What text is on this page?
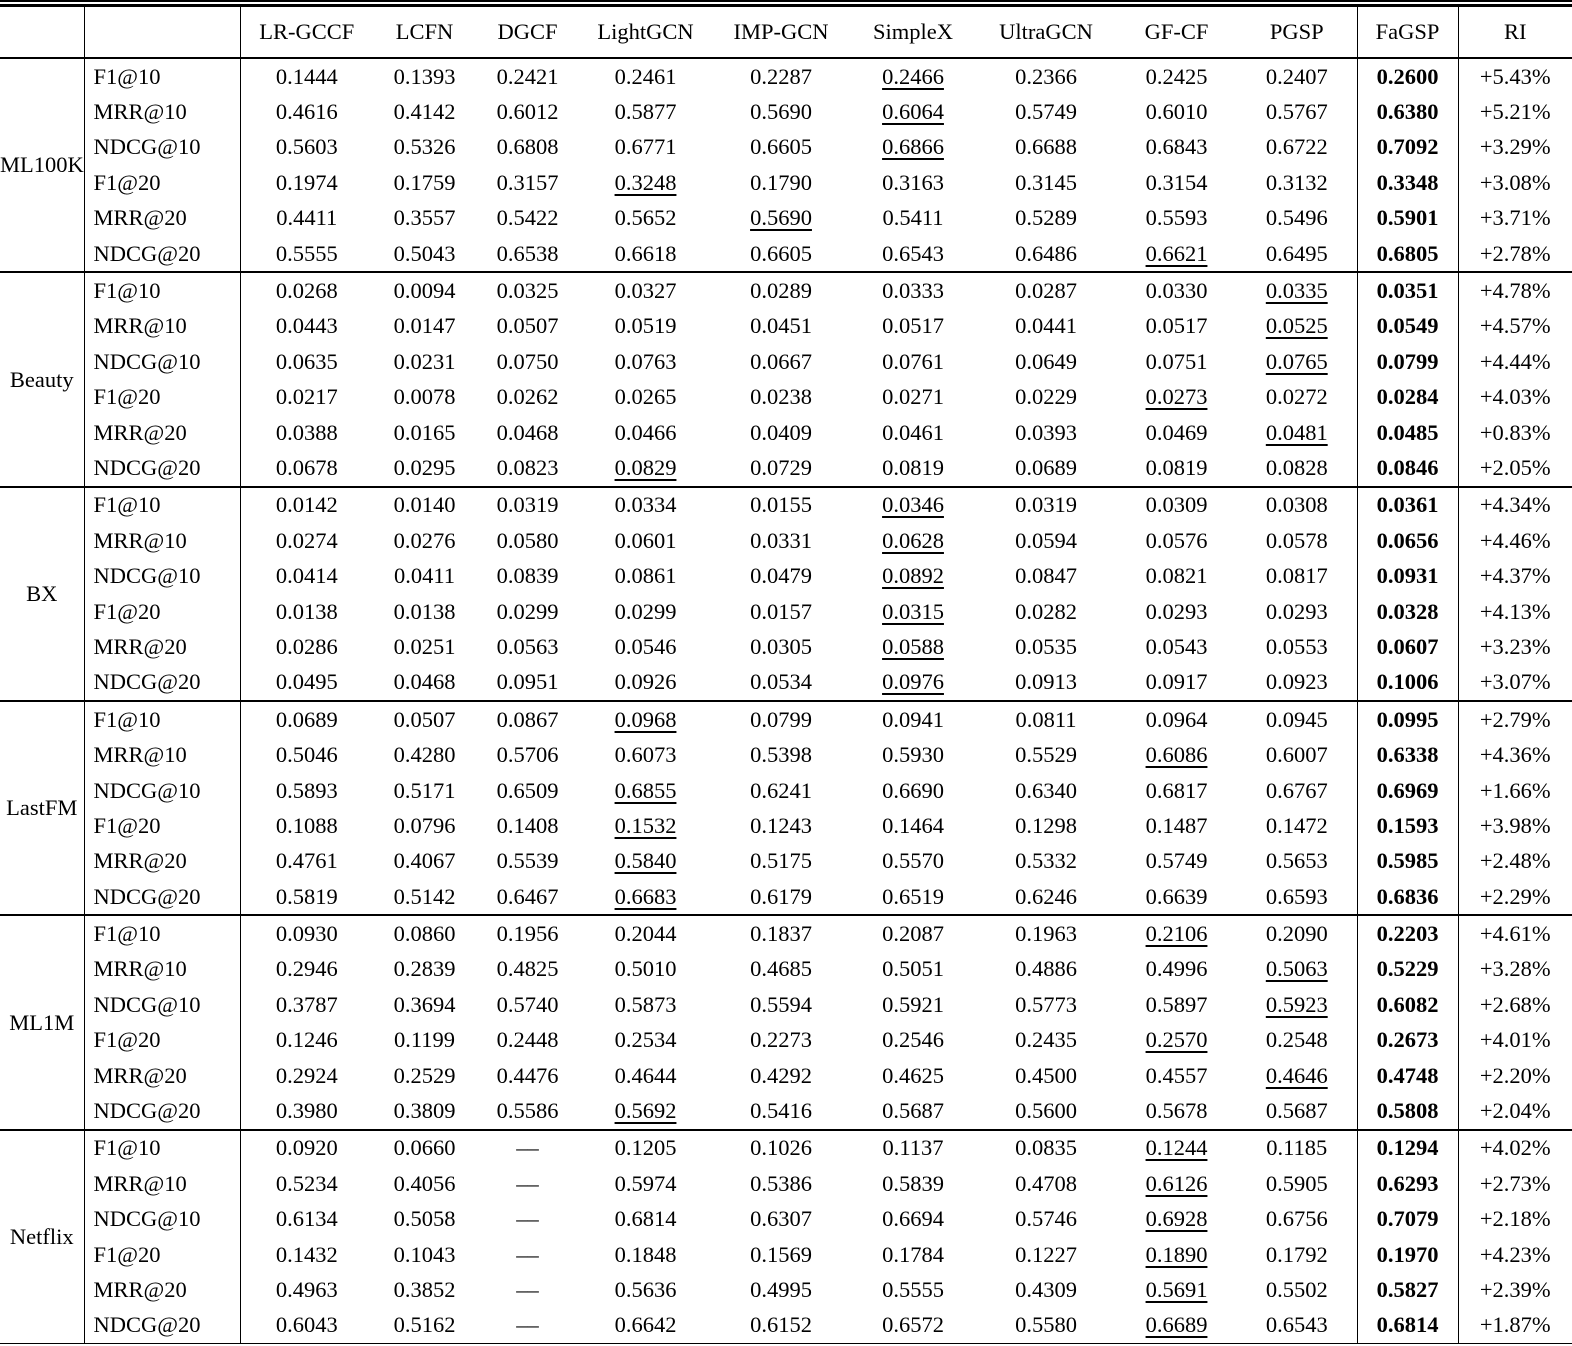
		LR-GCCF	LCFN	DGCF	LightGCN	IMP-GCN	SimpleX	UltraGCN	GF-CF	PGSP	FaGSP	RI
ML100K	F1@10	0.1444	0.1393	0.2421	0.2461	0.2287	0.2466	0.2366	0.2425	0.2407	0.2600	+5.43%
	MRR@10	0.4616	0.4142	0.6012	0.5877	0.5690	0.6064	0.5749	0.6010	0.5767	0.6380	+5.21%
	NDCG@10	0.5603	0.5326	0.6808	0.6771	0.6605	0.6866	0.6688	0.6843	0.6722	0.7092	+3.29%
	F1@20	0.1974	0.1759	0.3157	0.3248	0.1790	0.3163	0.3145	0.3154	0.3132	0.3348	+3.08%
	MRR@20	0.4411	0.3557	0.5422	0.5652	0.5690	0.5411	0.5289	0.5593	0.5496	0.5901	+3.71%
	NDCG@20	0.5555	0.5043	0.6538	0.6618	0.6605	0.6543	0.6486	0.6621	0.6495	0.6805	+2.78%
Beauty	F1@10	0.0268	0.0094	0.0325	0.0327	0.0289	0.0333	0.0287	0.0330	0.0335	0.0351	+4.78%
	MRR@10	0.0443	0.0147	0.0507	0.0519	0.0451	0.0517	0.0441	0.0517	0.0525	0.0549	+4.57%
	NDCG@10	0.0635	0.0231	0.0750	0.0763	0.0667	0.0761	0.0649	0.0751	0.0765	0.0799	+4.44%
	F1@20	0.0217	0.0078	0.0262	0.0265	0.0238	0.0271	0.0229	0.0273	0.0272	0.0284	+4.03%
	MRR@20	0.0388	0.0165	0.0468	0.0466	0.0409	0.0461	0.0393	0.0469	0.0481	0.0485	+0.83%
	NDCG@20	0.0678	0.0295	0.0823	0.0829	0.0729	0.0819	0.0689	0.0819	0.0828	0.0846	+2.05%
BX	F1@10	0.0142	0.0140	0.0319	0.0334	0.0155	0.0346	0.0319	0.0309	0.0308	0.0361	+4.34%
	MRR@10	0.0274	0.0276	0.0580	0.0601	0.0331	0.0628	0.0594	0.0576	0.0578	0.0656	+4.46%
	NDCG@10	0.0414	0.0411	0.0839	0.0861	0.0479	0.0892	0.0847	0.0821	0.0817	0.0931	+4.37%
	F1@20	0.0138	0.0138	0.0299	0.0299	0.0157	0.0315	0.0282	0.0293	0.0293	0.0328	+4.13%
	MRR@20	0.0286	0.0251	0.0563	0.0546	0.0305	0.0588	0.0535	0.0543	0.0553	0.0607	+3.23%
	NDCG@20	0.0495	0.0468	0.0951	0.0926	0.0534	0.0976	0.0913	0.0917	0.0923	0.1006	+3.07%
LastFM	F1@10	0.0689	0.0507	0.0867	0.0968	0.0799	0.0941	0.0811	0.0964	0.0945	0.0995	+2.79%
	MRR@10	0.5046	0.4280	0.5706	0.6073	0.5398	0.5930	0.5529	0.6086	0.6007	0.6338	+4.36%
	NDCG@10	0.5893	0.5171	0.6509	0.6855	0.6241	0.6690	0.6340	0.6817	0.6767	0.6969	+1.66%
	F1@20	0.1088	0.0796	0.1408	0.1532	0.1243	0.1464	0.1298	0.1487	0.1472	0.1593	+3.98%
	MRR@20	0.4761	0.4067	0.5539	0.5840	0.5175	0.5570	0.5332	0.5749	0.5653	0.5985	+2.48%
	NDCG@20	0.5819	0.5142	0.6467	0.6683	0.6179	0.6519	0.6246	0.6639	0.6593	0.6836	+2.29%
ML1M	F1@10	0.0930	0.0860	0.1956	0.2044	0.1837	0.2087	0.1963	0.2106	0.2090	0.2203	+4.61%
	MRR@10	0.2946	0.2839	0.4825	0.5010	0.4685	0.5051	0.4886	0.4996	0.5063	0.5229	+3.28%
	NDCG@10	0.3787	0.3694	0.5740	0.5873	0.5594	0.5921	0.5773	0.5897	0.5923	0.6082	+2.68%
	F1@20	0.1246	0.1199	0.2448	0.2534	0.2273	0.2546	0.2435	0.2570	0.2548	0.2673	+4.01%
	MRR@20	0.2924	0.2529	0.4476	0.4644	0.4292	0.4625	0.4500	0.4557	0.4646	0.4748	+2.20%
	NDCG@20	0.3980	0.3809	0.5586	0.5692	0.5416	0.5687	0.5600	0.5678	0.5687	0.5808	+2.04%
Netflix	F1@10	0.0920	0.0660	––	0.1205	0.1026	0.1137	0.0835	0.1244	0.1185	0.1294	+4.02%
	MRR@10	0.5234	0.4056	––	0.5974	0.5386	0.5839	0.4708	0.6126	0.5905	0.6293	+2.73%
	NDCG@10	0.6134	0.5058	––	0.6814	0.6307	0.6694	0.5746	0.6928	0.6756	0.7079	+2.18%
	F1@20	0.1432	0.1043	––	0.1848	0.1569	0.1784	0.1227	0.1890	0.1792	0.1970	+4.23%
	MRR@20	0.4963	0.3852	––	0.5636	0.4995	0.5555	0.4309	0.5691	0.5502	0.5827	+2.39%
	NDCG@20	0.6043	0.5162	––	0.6642	0.6152	0.6572	0.5580	0.6689	0.6543	0.6814	+1.87%
